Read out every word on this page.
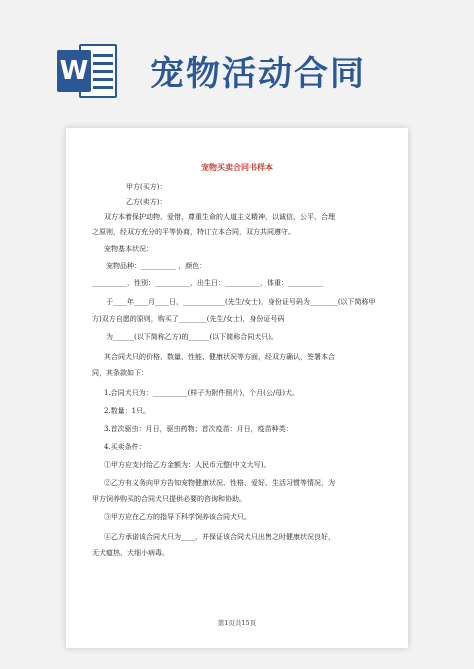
W 宠物活动合同
宠物买卖合同书样本
甲方(买方)：
乙方(卖方)：
双方本着保护动物、爱惜、尊重生命的人道主义精神，以诚信、公平、合理
之原则，经双方充分的平等协商，特订立本合同，双方共同遵守。
宠物基本状况：
宠物品种：__________ ，颜色：
__________，性别：__________，出生日：__________，体重：__________
于____年____月____日，____________(先生/女士)，身份证号码为________(以下简称甲
方)双方自愿的原则，购买了________(先生/女士)，身份证号码
为______(以下简称乙方)的______(以下简称合同犬只)。
其合同犬只的价格、数量、性能、健康状况等方面，经双方确认，签署本合
同，其条款如下：
1.合同犬只为：__________(样子为附件照片)，个月(公/母)犬。
2.数量：1只。
3.首次驱虫：月日，驱虫药物；首次疫苗：月日，疫苗种类：
4.买卖条件：
①甲方应支付给乙方金额为：人民币元整(中文大写)。
②乙方有义务向甲方告知宠物健康状况、性格、爱好、生活习惯等情况，为
甲方饲养购买的合同犬只提供必要的咨询和协助。
③甲方应在乙方的指导下科学饲养该合同犬只。
④乙方承诺该合同犬只为____，并保证该合同犬只出售之时健康状况良好，
无犬瘟热、犬细小病毒。
第1页共15页
